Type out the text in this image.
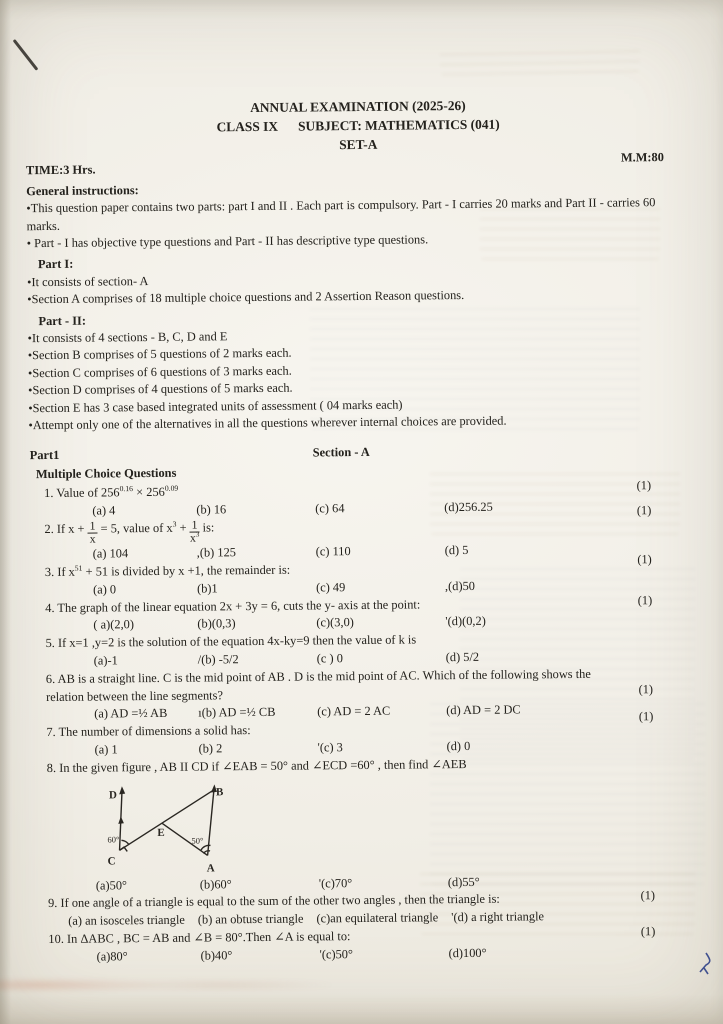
ANNUAL EXAMINATION (2025-26)
CLASS IX      SUBJECT: MATHEMATICS (041)
SET-A
M.M:80
TIME:3 Hrs.
General instructions:
•This question paper contains two parts: part I and II . Each part is compulsory. Part - I carries 20 marks and Part II - carries 60 marks.
• Part - I has objective type questions and Part - II has descriptive type questions.
Part I:
•It consists of section- A
•Section A comprises of 18 multiple choice questions and 2 Assertion Reason questions.
Part - II:
•It consists of 4 sections - B, C, D and E
•Section B comprises of 5 questions of 2 marks each.
•Section C comprises of 6 questions of 3 marks each.
•Section D comprises of 4 questions of 5 marks each.
•Section E has 3 case based integrated units of assessment ( 04 marks each)
•Attempt only one of the alternatives in all the questions wherever internal choices are provided.
Part1	Section - A
Multiple Choice Questions
1. Value of $256^{0.16} \times 256^{0.09}$	(1)
(a) 4	(b) 16	(c) 64	(d)256.25
2. If $x + \frac{1}{x} = 5$, value of $x^3 + \frac{1}{x^3}$ is:
(1)
(a) 104	,(b) 125	(c) 110	(d) 5
3. If $x^{51} + 51$ is divided by x +1, the remainder is:
(1)
(a) 0	(b)1	(c) 49	,(d)50
4. The graph of the linear equation 2x + 3y = 6, cuts the y- axis at the point:	(1)
( a)(2,0)	(b)(0,3)	(c)(3,0)	'(d)(0,2)
5. If x=1 ,y=2 is the solution of the equation 4x-ky=9 then the value of k is
(a)-1	/(b) -5/2	(c ) 0	(d) 5/2
6. AB is a straight line. C is the mid point of AB . D is the mid point of AC. Which of the following shows the relation between the line segments?	(1)
(a) AD =½ AB	ı(b) AD =½ CB	(c) AD = 2 AC	(d) AD = 2 DC
7. The number of dimensions a solid has:
(1)
(a) 1	(b) 2	'(c) 3	(d) 0
8. In the given figure , AB II CD if ∠EAB = 50° and ∠ECD =60° , then find ∠AEB
D	B
C
A
E
60°	50°
(a)50°	(b)60°	'(c)70°	(d)55°
9. If one angle of a triangle is equal to the sum of the other two angles , then the triangle is:	(1)
(a) an isosceles triangle (b) an obtuse triangle (c)an equilateral triangle '(d) a right triangle
10. In ΔABC , BC = AB and ∠B = 80°.Then ∠A is equal to:	(1)
(a)80°	(b)40°	'(c)50°	(d)100°
